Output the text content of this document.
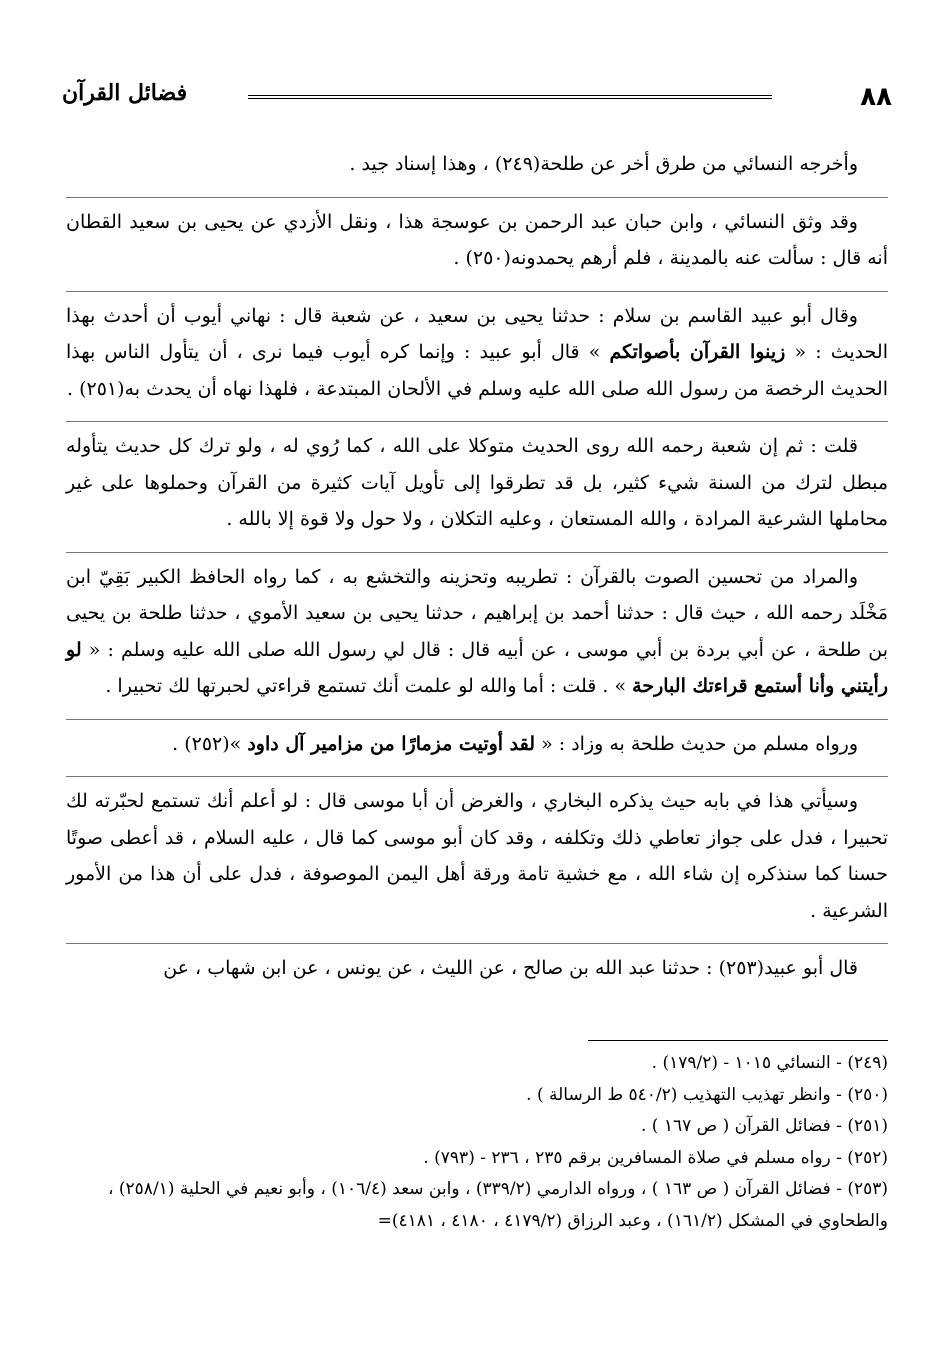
٨٨
فضائل القرآن

وأخرجه النسائي من طرق أخر عن طلحة(٢٤٩) ، وهذا إسناد جيد .

وقد وثق النسائي ، وابن حبان عبد الرحمن بن عوسجة هذا ، ونقل الأزدي عن يحيى بن سعيد القطان أنه قال : سألت عنه بالمدينة ، فلم أرهم يحمدونه(٢٥٠) .

وقال أبو عبيد القاسم بن سلام : حدثنا يحيى بن سعيد ، عن شعبة قال : نهاني أيوب أن أحدث بهذا الحديث : « زينوا القرآن بأصواتكم » قال أبو عبيد : وإنما كره أيوب فيما نرى ، أن يتأول الناس بهذا الحديث الرخصة من رسول الله صلى الله عليه وسلم في الألحان المبتدعة ، فلهذا نهاه أن يحدث به(٢٥١) .

قلت : ثم إن شعبة رحمه الله روى الحديث متوكلا على الله ، كما رُوي له ، ولو ترك كل حديث يتأوله مبطل لترك من السنة شيء كثير، بل قد تطرقوا إلى تأويل آيات كثيرة من القرآن وحملوها على غير محاملها الشرعية المرادة ، والله المستعان ، وعليه التكلان ، ولا حول ولا قوة إلا بالله .

والمراد من تحسين الصوت بالقرآن : تطريبه وتحزينه والتخشع به ، كما رواه الحافظ الكبير بَقِيّ ابن مَخْلَد رحمه الله ، حيث قال : حدثنا أحمد بن إبراهيم ، حدثنا يحيى بن سعيد الأموي ، حدثنا طلحة بن يحيى بن طلحة ، عن أبي بردة بن أبي موسى ، عن أبيه قال : قال لي رسول الله صلى الله عليه وسلم : « لو رأيتني وأنا أستمع قراءتك البارحة » . قلت : أما والله لو علمت أنك تستمع قراءتي لحبرتها لك تحبيرا .

ورواه مسلم من حديث طلحة به وزاد : « لقد أوتيت مزمارًا من مزامير آل داود »(٢٥٢) .

وسيأتي هذا في بابه حيث يذكره البخاري ، والغرض أن أبا موسى قال : لو أعلم أنك تستمع لحبّرته لك تحبيرا ، فدل على جواز تعاطي ذلك وتكلفه ، وقد كان أبو موسى كما قال ، عليه السلام ، قد أعطى صوتًا حسنا كما سنذكره إن شاء الله ، مع خشية تامة ورقة أهل اليمن الموصوفة ، فدل على أن هذا من الأمور الشرعية .

قال أبو عبيد(٢٥٣) : حدثنا عبد الله بن صالح ، عن الليث ، عن يونس ، عن ابن شهاب ، عن

(٢٤٩) - النسائي ١٠١٥ - (١٧٩/٢) .

(٢٥٠) - وانظر تهذيب التهذيب (٥٤٠/٢ ط الرسالة ) .

(٢٥١) - فضائل القرآن ( ص ١٦٧ ) .

(٢٥٢) - رواه مسلم في صلاة المسافرين برقم ٢٣٥ ، ٢٣٦ - (٧٩٣) .

(٢٥٣) - فضائل القرآن ( ص ١٦٣ ) ، ورواه الدارمي (٣٣٩/٢) ، وابن سعد (١٠٦/٤) ، وأبو نعيم في الحلية (٢٥٨/١) ، والطحاوي في المشكل (١٦١/٢) ، وعبد الرزاق (٤١٧٩/٢ ، ٤١٨٠ ، ٤١٨١)=
